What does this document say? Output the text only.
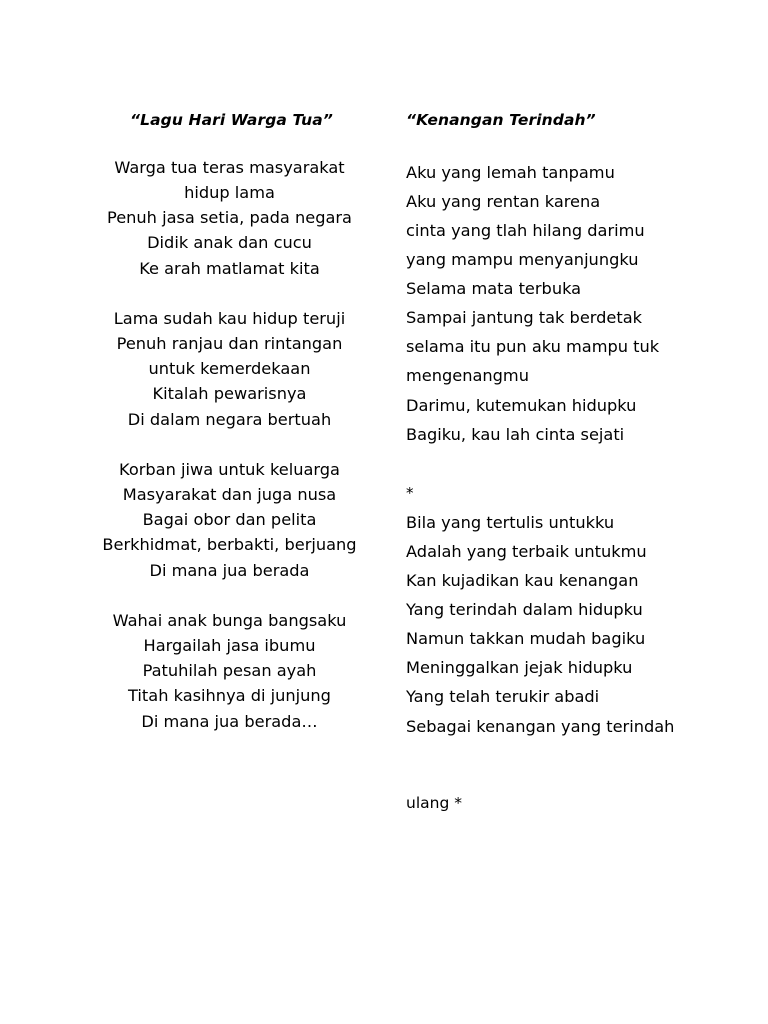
“Lagu Hari Warga Tua”
Warga tua teras masyarakat
hidup lama
Penuh jasa setia, pada negara
Didik anak dan cucu
Ke arah matlamat kita
Lama sudah kau hidup teruji
Penuh ranjau dan rintangan
untuk kemerdekaan
Kitalah pewarisnya
Di dalam negara bertuah
Korban jiwa untuk keluarga
Masyarakat dan juga nusa
Bagai obor dan pelita
Berkhidmat, berbakti, berjuang
Di mana jua berada
Wahai anak bunga bangsaku
Hargailah jasa ibumu
Patuhilah pesan ayah
Titah kasihnya di junjung
Di mana jua berada…
“Kenangan Terindah”
Aku yang lemah tanpamu
Aku yang rentan karena
cinta yang tlah hilang darimu
yang mampu menyanjungku
Selama mata terbuka
Sampai jantung tak berdetak
selama itu pun aku mampu tuk
mengenangmu
Darimu, kutemukan hidupku
Bagiku, kau lah cinta sejati
*
Bila yang tertulis untukku
Adalah yang terbaik untukmu
Kan kujadikan kau kenangan
Yang terindah dalam hidupku
Namun takkan mudah bagiku
Meninggalkan jejak hidupku
Yang telah terukir abadi
Sebagai kenangan yang terindah
ulang *
